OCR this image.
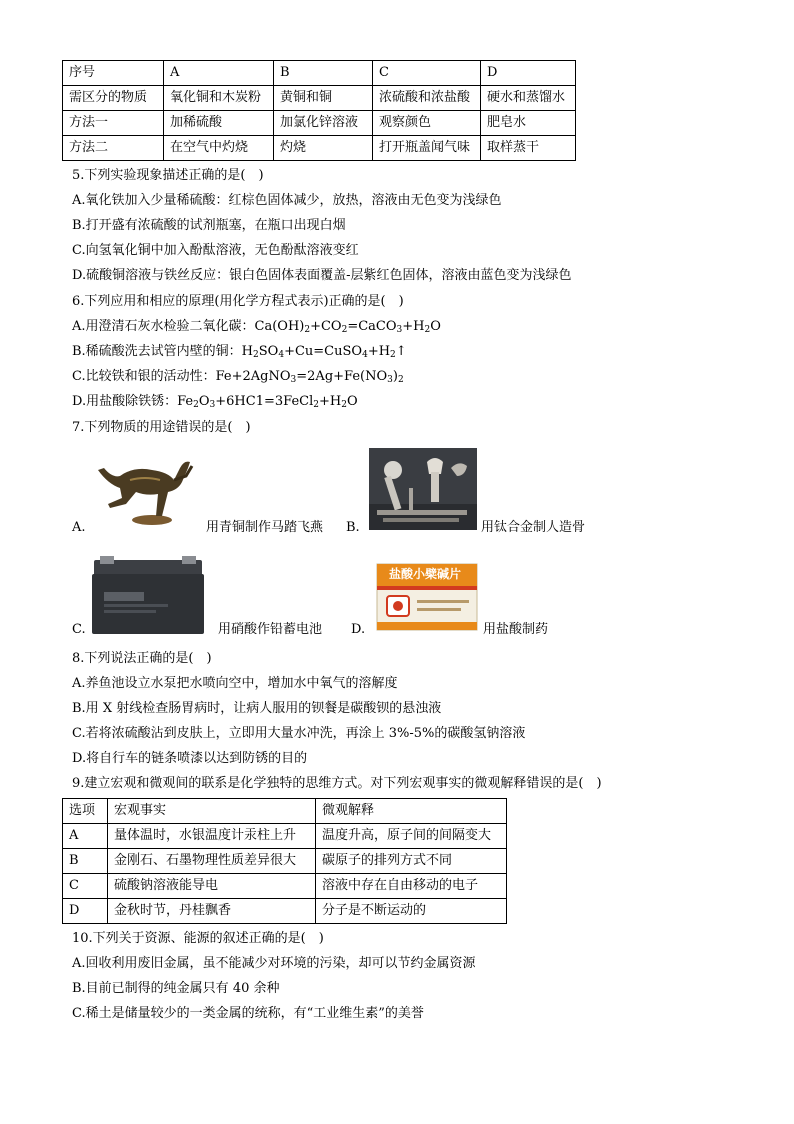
序号	A	B	C	D
需区分的物质	氧化铜和木炭粉	黄铜和铜	浓硫酸和浓盐酸	硬水和蒸馏水
方法一	加稀硫酸	加氯化锌溶液	观察颜色	肥皂水
方法二	在空气中灼烧	灼烧	打开瓶盖闻气味	取样蒸干
5.下列实验现象描述正确的是(　)
A.氧化铁加入少量稀硫酸：红棕色固体减少，放热，溶液由无色变为浅绿色
B.打开盛有浓硫酸的试剂瓶塞，在瓶口出现白烟
C.向氢氧化铜中加入酚酞溶液，无色酚酞溶液变红
D.硫酸铜溶液与铁丝反应：银白色固体表面覆盖-层紫红色固体，溶液由蓝色变为浅绿色
6.下列应用和相应的原理(用化学方程式表示)正确的是(　)
A.用澄清石灰水检验二氧化碳：$Ca(OH)_2+CO_2=CaCO_3+H_2O$
B.稀硫酸洗去试管内壁的铜：$H_2SO_4+Cu=CuSO_4+H_2↑$
C.比较铁和银的活动性：$Fe+2AgNO_3=2Ag+Fe(NO_3)_2$
D.用盐酸除铁锈：$Fe_2O_3+6HC1=3FeCl_2+H_2O$
7.下列物质的用途错误的是(　)
A.	用青铜制作马踏飞燕 B.	用钛合金制人造骨
C.	用硝酸作铅蓄电池 D.
盐酸小檗碱片
用盐酸制药
8.下列说法正确的是(　)
A.养鱼池设立水泵把水喷向空中，增加水中氧气的溶解度
B.用 X 射线检查肠胃病时，让病人服用的钡餐是碳酸钡的悬浊液
C.若将浓硫酸沾到皮肤上，立即用大量水冲洗，再涂上 3%-5%的碳酸氢钠溶液
D.将自行车的链条喷漆以达到防锈的目的
9.建立宏观和微观间的联系是化学独特的思维方式。对下列宏观事实的微观解释错误的是(　)
选项	宏观事实	微观解释
A	量体温时，水银温度计汞柱上升	温度升高，原子间的间隔变大
B	金刚石、石墨物理性质差异很大	碳原子的排列方式不同
C	硫酸钠溶液能导电	溶液中存在自由移动的电子
D	金秋时节，丹桂飘香	分子是不断运动的
10.下列关于资源、能源的叙述正确的是(　)
A.回收利用废旧金属，虽不能减少对环境的污染，却可以节约金属资源
B.目前已制得的纯金属只有 40 余种
C.稀土是储量较少的一类金属的统称，有“工业维生素”的美誉
